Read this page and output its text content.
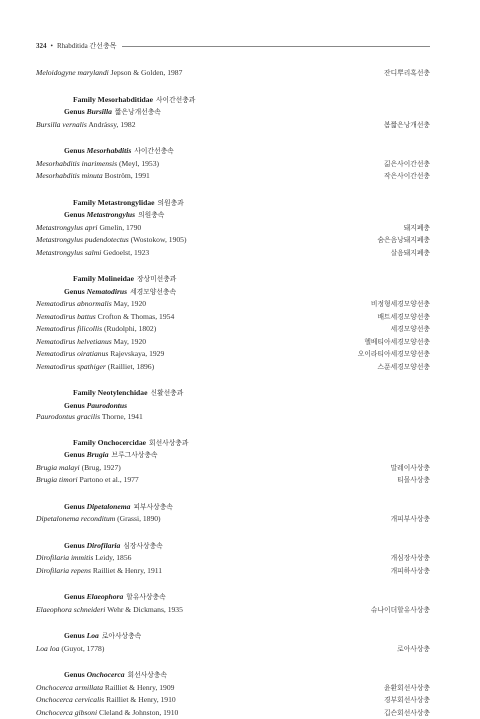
324 • Rhabditida 간선충목
Meloidogyne marylandi Jepson & Golden, 1987	잔디뿌리혹선충
Family Mesorhabditidae 사이간선충과
Genus Bursilla 짧은낭개선충속
Bursilla vernalis Andrássy, 1982	봄짧은낭개선충
Genus Mesorhabditis 사이간선충속
Mesorhabditis inarimensis (Meyl, 1953)	긺은사이간선충
Mesorhabditis minuta Boström, 1991	작은사이간선충
Family Metastrongylidae 의원충과
Genus Metastrongylus 의원충속
Metastrongylus apri Gmelin, 1790	돼지폐충
Metastrongylus pudendotectus (Wostokow, 1905)	숨은음낭돼지폐충
Metastrongylus salmi Gedoelst, 1923	살음돼지폐충
Family Molineidae 장상미선충과
Genus Nematodirus 세경모양선충속
Nematodirus abnormalis May, 1920	비정형세경모양선충
Nematodirus battus Crofton & Thomas, 1954	배트세경모양선충
Nematodirus filicollis (Rudolphi, 1802)	세경모양선충
Nematodirus helvetianus May, 1920	헬베티아세경모양선충
Nematodirus oiratianus Rajevskaya, 1929	오이라티아세경모양선충
Nematodirus spathiger (Railliet, 1896)	스푼세경모양선충
Family Neotylenchidae 신활선충과
Genus Paurodontus
Paurodontus gracilis Thorne, 1941
Family Onchocercidae 회선사상충과
Genus Brugia 브루그사상충속
Brugia malayi (Brug, 1927)	말레이사상충
Brugia timori Partono et al., 1977	티몰사상충
Genus Dipetalonema 피부사상충속
Dipetalonema reconditum (Grassi, 1890)	개피부사상충
Genus Dirofilaria 심장사상충속
Dirofilaria immitis Leidy, 1856	개심장사상충
Dirofilaria repens Railliet & Henry, 1911	개피하사상충
Genus Elaeophora 할유사상충속
Elaeophora schneideri Wehr & Dickmans, 1935	슈나이더할유사상충
Genus Loa 로아사상충속
Loa loa (Guyot, 1778)	로아사상충
Genus Onchocerca 회선사상충속
Onchocerca armillata Railliet & Henry, 1909	윤환회선사상충
Onchocerca cervicalis Railliet & Henry, 1910	경부회선사상충
Onchocerca gibsoni Cleland & Johnston, 1910	깁슨회선사상충
